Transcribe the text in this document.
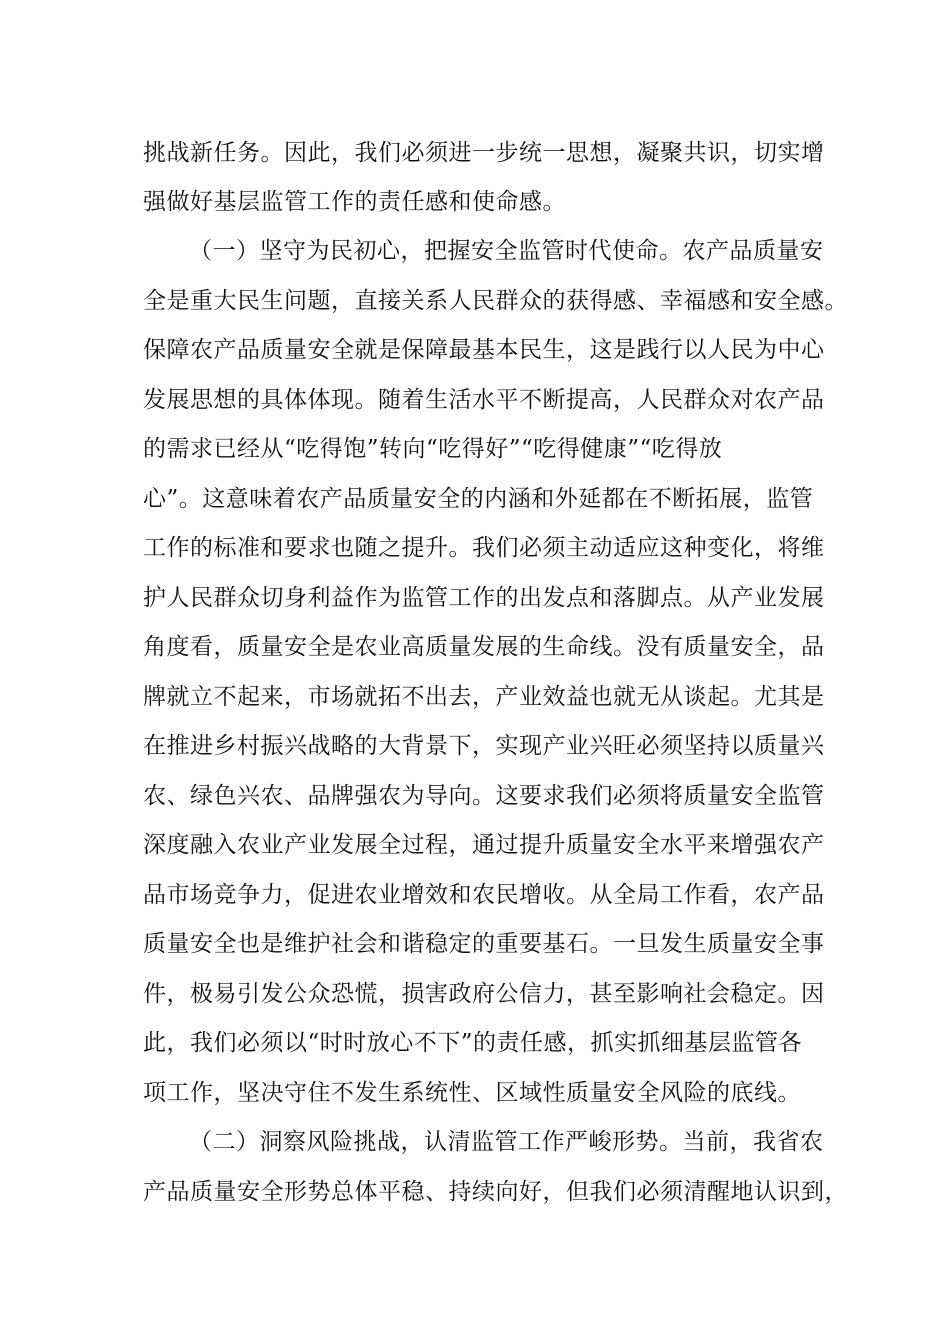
挑战新任务。因此，我们必须进一步统一思想，凝聚共识，切实增
强做好基层监管工作的责任感和使命感。
（一）坚守为民初心，把握安全监管时代使命。农产品质量安
全是重大民生问题，直接关系人民群众的获得感、幸福感和安全感。
保障农产品质量安全就是保障最基本民生，这是践行以人民为中心
发展思想的具体体现。随着生活水平不断提高，人民群众对农产品
的需求已经从“吃得饱”转向“吃得好”“吃得健康”“吃得放
心”。这意味着农产品质量安全的内涵和外延都在不断拓展，监管
工作的标准和要求也随之提升。我们必须主动适应这种变化，将维
护人民群众切身利益作为监管工作的出发点和落脚点。从产业发展
角度看，质量安全是农业高质量发展的生命线。没有质量安全，品
牌就立不起来，市场就拓不出去，产业效益也就无从谈起。尤其是
在推进乡村振兴战略的大背景下，实现产业兴旺必须坚持以质量兴
农、绿色兴农、品牌强农为导向。这要求我们必须将质量安全监管
深度融入农业产业发展全过程，通过提升质量安全水平来增强农产
品市场竞争力，促进农业增效和农民增收。从全局工作看，农产品
质量安全也是维护社会和谐稳定的重要基石。一旦发生质量安全事
件，极易引发公众恐慌，损害政府公信力，甚至影响社会稳定。因
此，我们必须以“时时放心不下”的责任感，抓实抓细基层监管各
项工作，坚决守住不发生系统性、区域性质量安全风险的底线。
（二）洞察风险挑战，认清监管工作严峻形势。当前，我省农
产品质量安全形势总体平稳、持续向好，但我们必须清醒地认识到，
